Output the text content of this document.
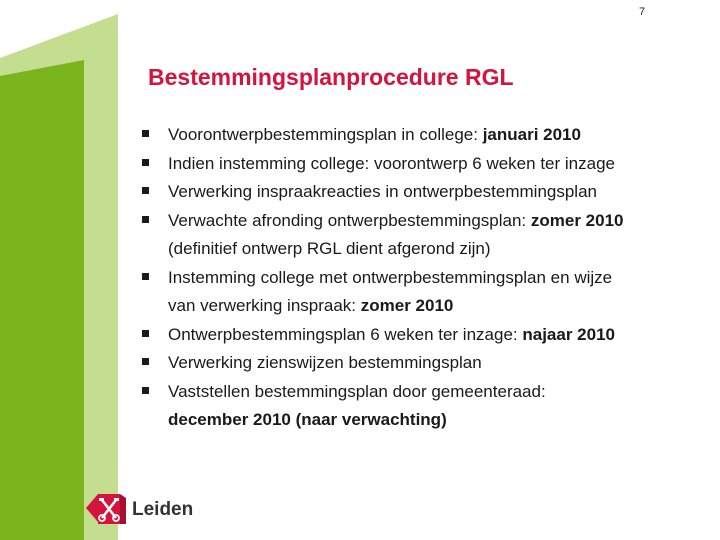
7
Bestemmingsplanprocedure RGL
Voorontwerpbestemmingsplan in college: januari 2010
Indien instemming college: voorontwerp 6 weken ter inzage
Verwerking inspraakreacties in ontwerpbestemmingsplan
Verwachte afronding ontwerpbestemmingsplan: zomer 2010
(definitief ontwerp RGL dient afgerond zijn)
Instemming college met ontwerpbestemmingsplan en wijze
van verwerking inspraak: zomer 2010
Ontwerpbestemmingsplan 6 weken ter inzage: najaar 2010
Verwerking zienswijzen bestemmingsplan
Vaststellen bestemmingsplan door gemeenteraad:
december 2010 (naar verwachting)
Leiden
